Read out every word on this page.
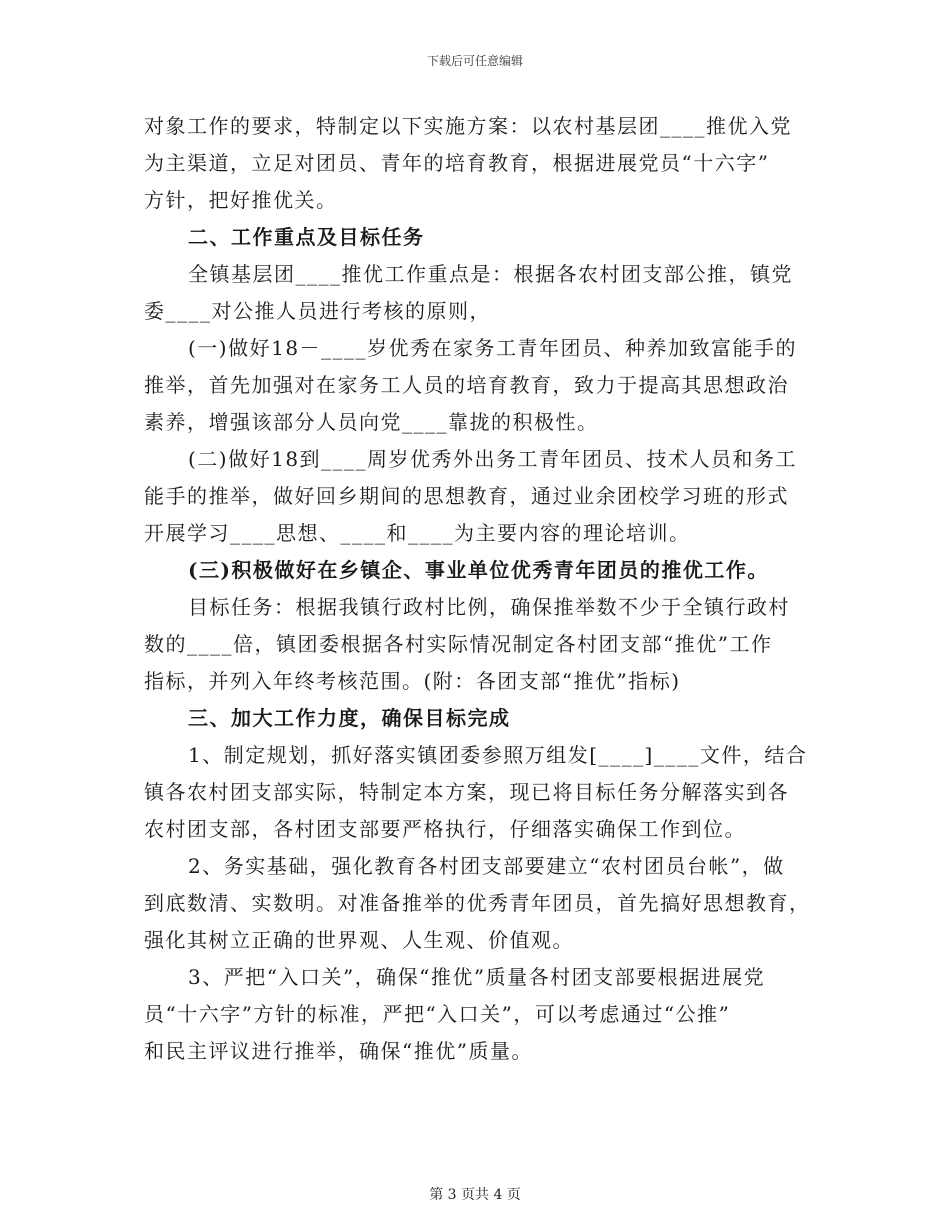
下载后可任意编辑
对象工作的要求，特制定以下实施方案：以农村基层团____推优入党
为主渠道，立足对团员、青年的培育教育，根据进展党员“十六字”
方针，把好推优关。
二、工作重点及目标任务
全镇基层团____推优工作重点是：根据各农村团支部公推，镇党
委____对公推人员进行考核的原则，
(一)做好18－____岁优秀在家务工青年团员、种养加致富能手的
推举，首先加强对在家务工人员的培育教育，致力于提高其思想政治
素养，增强该部分人员向党____靠拢的积极性。
(二)做好18到____周岁优秀外出务工青年团员、技术人员和务工
能手的推举，做好回乡期间的思想教育，通过业余团校学习班的形式
开展学习____思想、____和____为主要内容的理论培训。
(三)积极做好在乡镇企、事业单位优秀青年团员的推优工作。
目标任务：根据我镇行政村比例，确保推举数不少于全镇行政村
数的____倍，镇团委根据各村实际情况制定各村团支部“推优”工作
指标，并列入年终考核范围。(附：各团支部“推优”指标)
三、加大工作力度，确保目标完成
1、制定规划，抓好落实镇团委参照万组发[____]____文件，结合
镇各农村团支部实际，特制定本方案，现已将目标任务分解落实到各
农村团支部，各村团支部要严格执行，仔细落实确保工作到位。
2、务实基础，强化教育各村团支部要建立“农村团员台帐”，做
到底数清、实数明。对准备推举的优秀青年团员，首先搞好思想教育，
强化其树立正确的世界观、人生观、价值观。
3、严把“入口关”，确保“推优”质量各村团支部要根据进展党
员“十六字”方针的标准，严把“入口关”，可以考虑通过“公推”
和民主评议进行推举，确保“推优”质量。
第 3 页共 4 页
